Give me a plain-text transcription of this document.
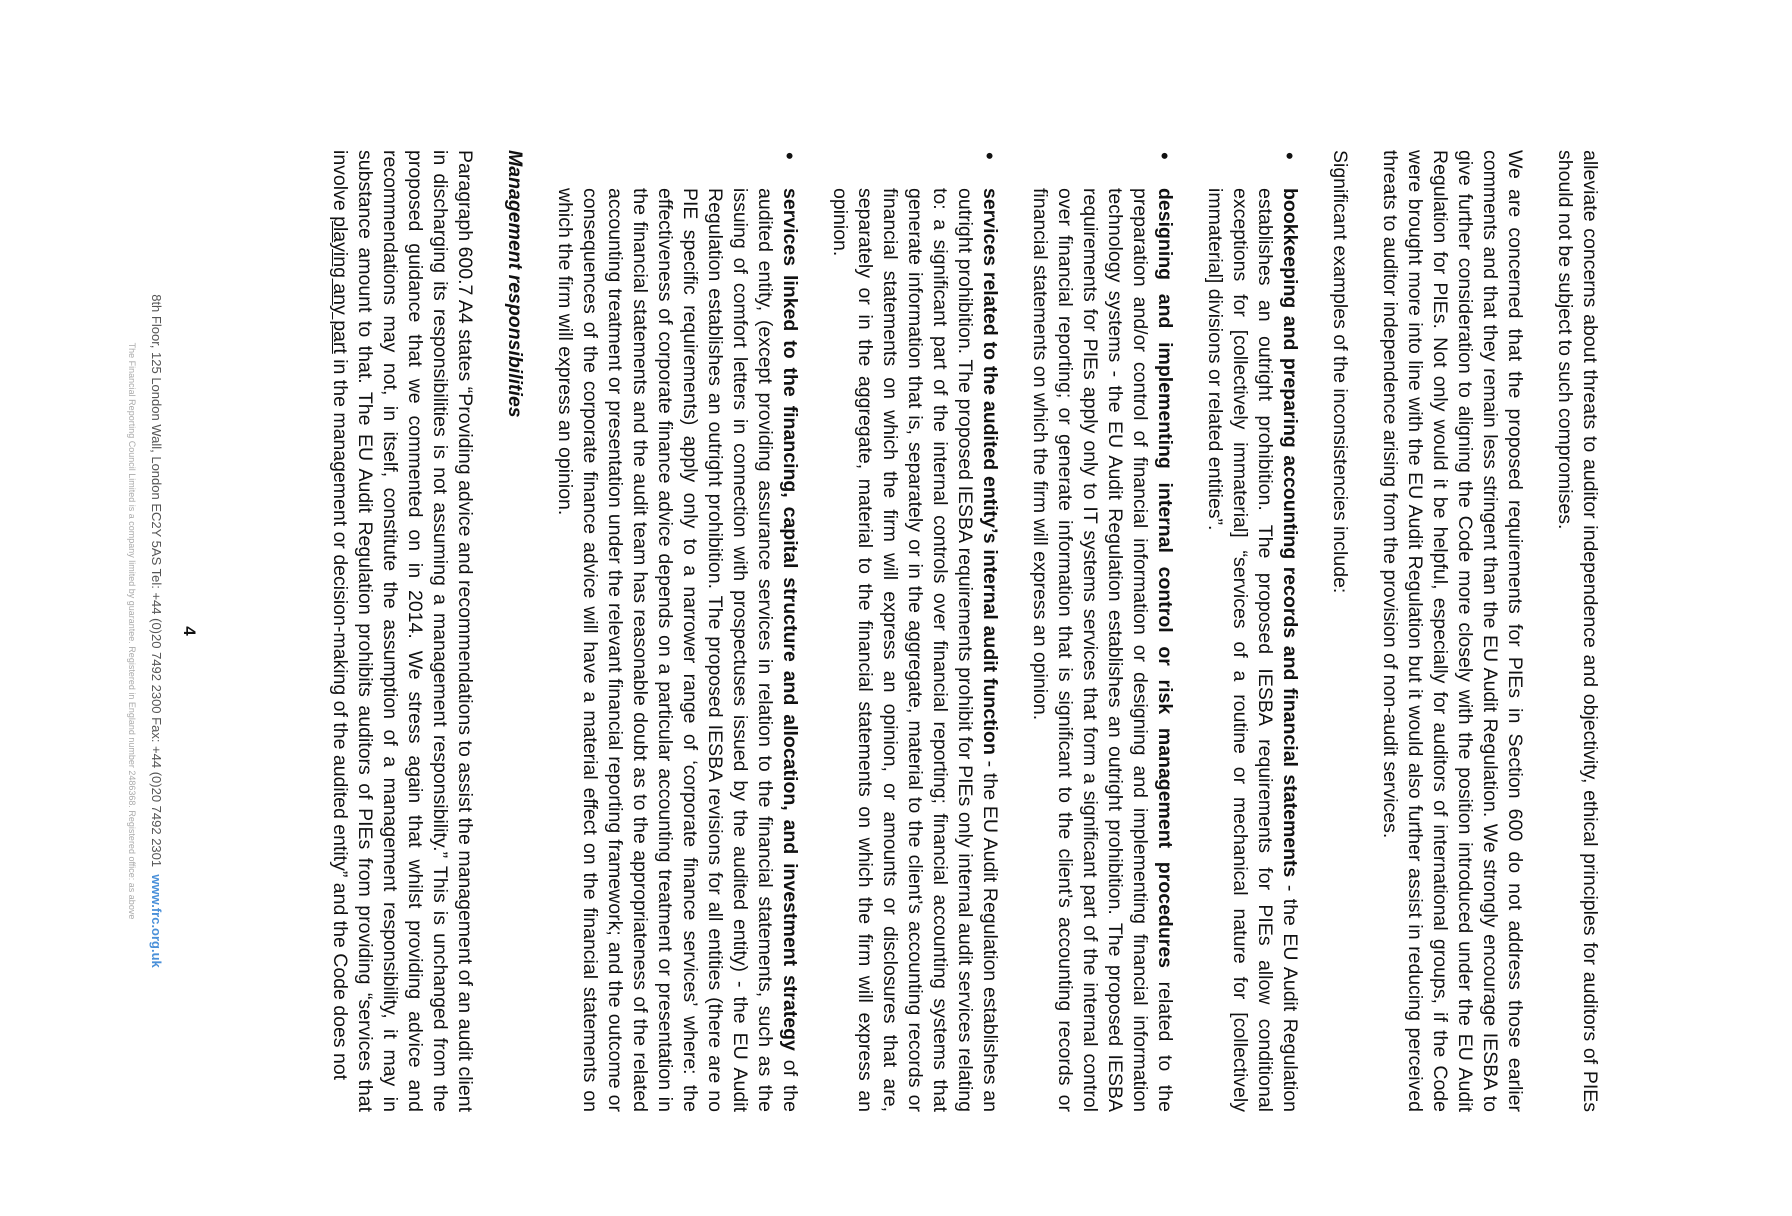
alleviate concerns about threats to auditor independence and objectivity, ethical principles for auditors of PIEs should not be subject to such compromises.

We are concerned that the proposed requirements for PIEs in Section 600 do not address those earlier comments and that they remain less stringent than the EU Audit Regulation. We strongly encourage IESBA to give further consideration to aligning the Code more closely with the position introduced under the EU Audit Regulation for PIEs. Not only would it be helpful, especially for auditors of international groups, if the Code were brought more into line with the EU Audit Regulation but it would also further assist in reducing perceived threats to auditor independence arising from the provision of non-audit services.

Significant examples of the inconsistencies include:

• bookkeeping and preparing accounting records and financial statements - the EU Audit Regulation establishes an outright prohibition. The proposed IESBA requirements for PIEs allow conditional exceptions for [collectively immaterial] “services of a routine or mechanical nature for [collectively immaterial] divisions or related entities”.
• designing and implementing internal control or risk management procedures related to the preparation and/or control of financial information or designing and implementing financial information technology systems - the EU Audit Regulation establishes an outright prohibition. The proposed IESBA requirements for PIEs apply only to IT systems services that form a significant part of the internal control over financial reporting; or generate information that is significant to the client’s accounting records or financial statements on which the firm will express an opinion.
• services related to the audited entity’s internal audit function - the EU Audit Regulation establishes an outright prohibition. The proposed IESBA requirements prohibit for PIEs only internal audit services relating to: a significant part of the internal controls over financial reporting; financial accounting systems that generate information that is, separately or in the aggregate, material to the client’s accounting records or financial statements on which the firm will express an opinion, or amounts or disclosures that are, separately or in the aggregate, material to the financial statements on which the firm will express an opinion.
• services linked to the financing, capital structure and allocation, and investment strategy of the audited entity, (except providing assurance services in relation to the financial statements, such as the issuing of comfort letters in connection with prospectuses issued by the audited entity) - the EU Audit Regulation establishes an outright prohibition. The proposed IESBA revisions for all entities (there are no PIE specific requirements) apply only to a narrower range of ‘corporate finance services’ where: the effectiveness of corporate finance advice depends on a particular accounting treatment or presentation in the financial statements and the audit team has reasonable doubt as to the appropriateness of the related accounting treatment or presentation under the relevant financial reporting framework; and the outcome or consequences of the corporate finance advice will have a material effect on the financial statements on which the firm will express an opinion.
Management responsibilities

Paragraph 600.7 A4 states “Providing advice and recommendations to assist the management of an audit client in discharging its responsibilities is not assuming a management responsibility.” This is unchanged from the proposed guidance that we commented on in 2014. We stress again that whilst providing advice and recommendations may not, in itself, constitute the assumption of a management responsibility, it may in substance amount to that. The EU Audit Regulation prohibits auditors of PIEs from providing “services that involve playing any part in the management or decision-making of the audited entity” and the Code does not

4
8th Floor, 125 London Wall, London EC2Y 5AS Tel: +44 (0)20 7492 2300 Fax: +44 (0)20 7492 2301  www.frc.org.uk
The Financial Reporting Council Limited is a company limited by guarantee. Registered in England number 2486368. Registered office: as above
